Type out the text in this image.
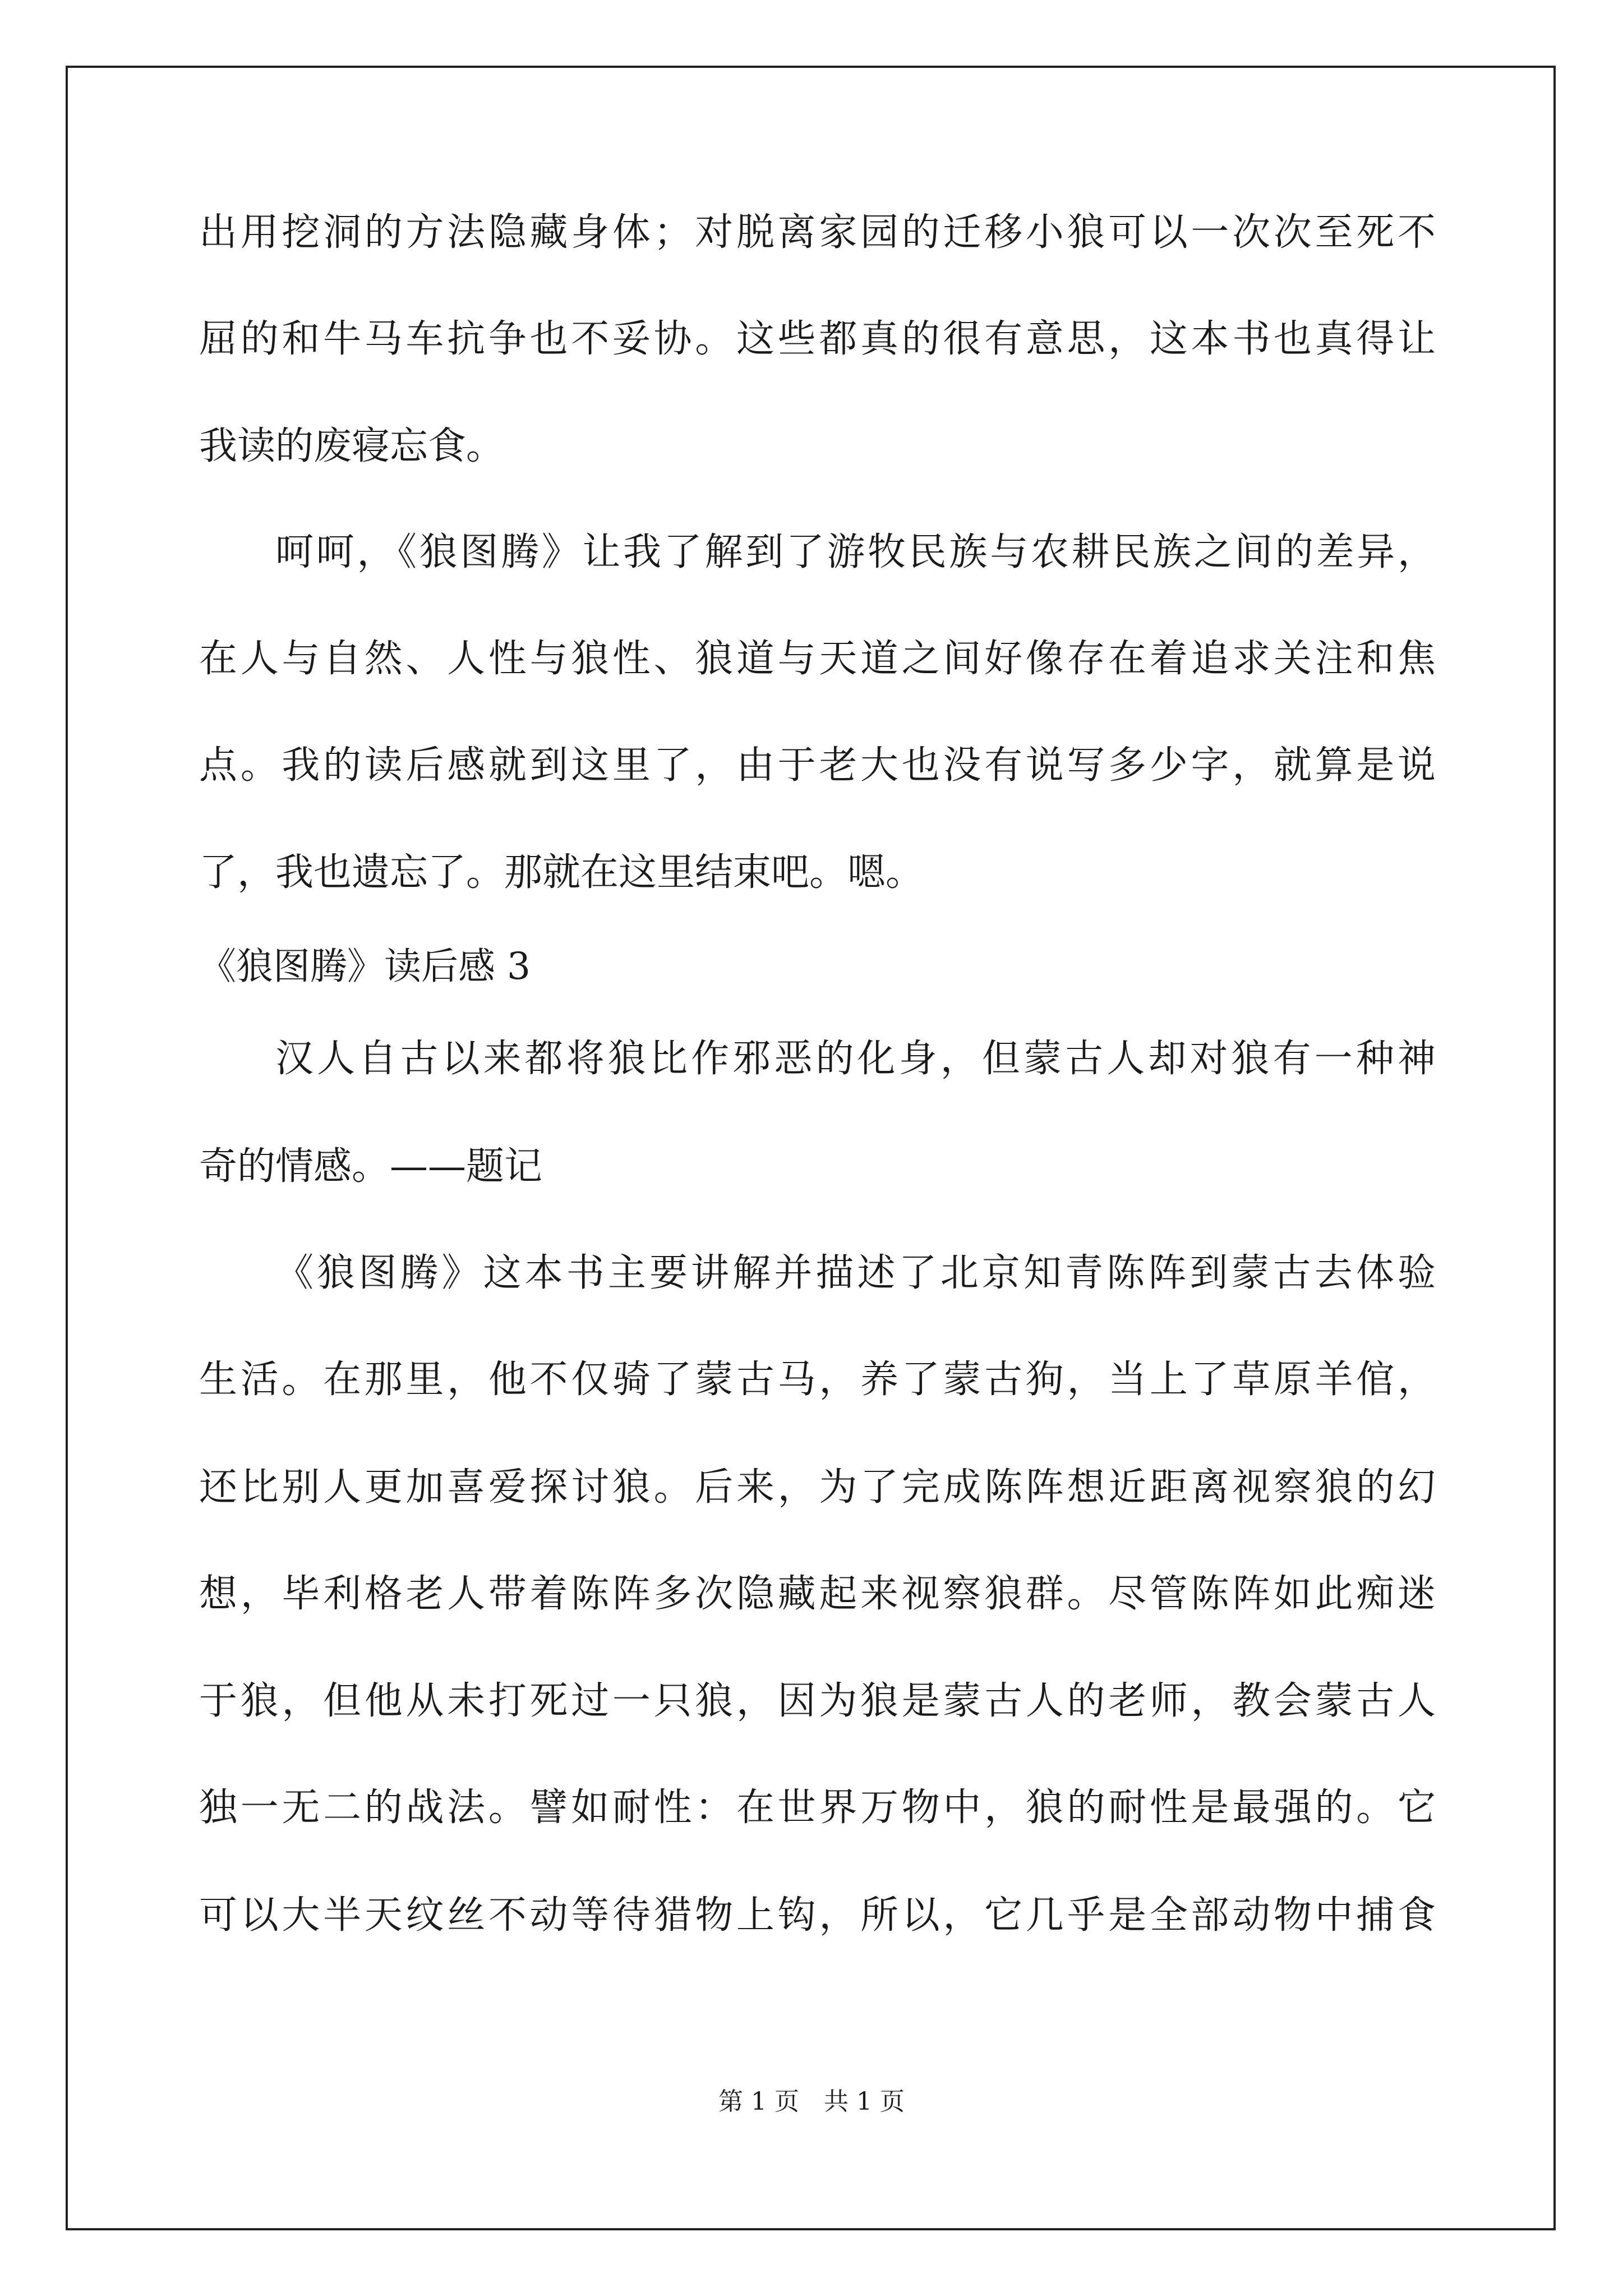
出用挖洞的方法隐藏身体；对脱离家园的迁移小狼可以一次次至死不
屈的和牛马车抗争也不妥协。这些都真的很有意思，这本书也真得让
我读的废寝忘食。
呵呵，《狼图腾》让我了解到了游牧民族与农耕民族之间的差异，
在人与自然、人性与狼性、狼道与天道之间好像存在着追求关注和焦
点。我的读后感就到这里了，由于老大也没有说写多少字，就算是说
了，我也遗忘了。那就在这里结束吧。嗯。
《狼图腾》读后感 3
汉人自古以来都将狼比作邪恶的化身，但蒙古人却对狼有一种神
奇的情感。——题记
《狼图腾》这本书主要讲解并描述了北京知青陈阵到蒙古去体验
生活。在那里，他不仅骑了蒙古马，养了蒙古狗，当上了草原羊倌，
还比别人更加喜爱探讨狼。后来，为了完成陈阵想近距离视察狼的幻
想，毕利格老人带着陈阵多次隐藏起来视察狼群。尽管陈阵如此痴迷
于狼，但他从未打死过一只狼，因为狼是蒙古人的老师，教会蒙古人
独一无二的战法。譬如耐性：在世界万物中，狼的耐性是最强的。它
可以大半天纹丝不动等待猎物上钩，所以，它几乎是全部动物中捕食
第 1 页　共 1 页
